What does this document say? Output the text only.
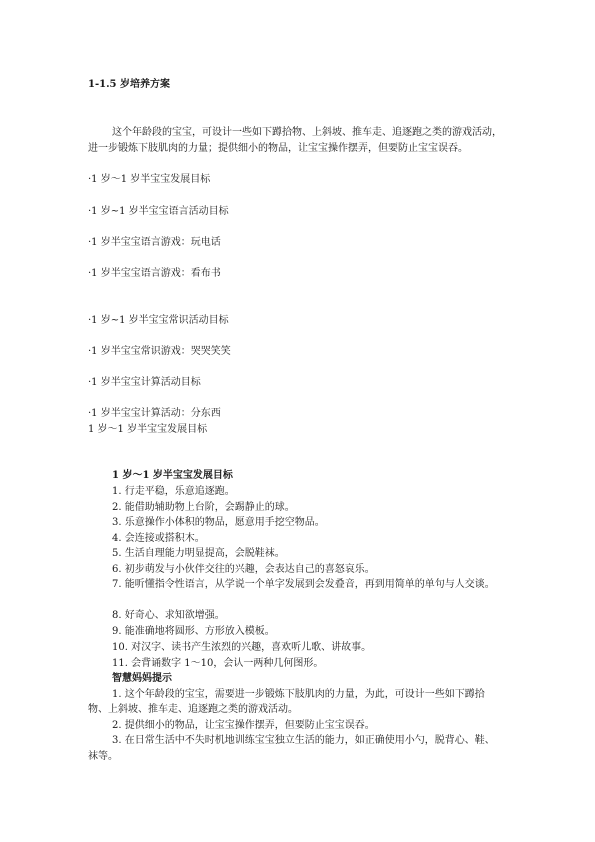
1-1.5 岁培养方案
这个年龄段的宝宝，可设计一些如下蹲拾物、上斜坡、推车走、追逐跑之类的游戏活动，
进一步锻炼下肢肌肉的力量；提供细小的物品，让宝宝操作摆弄，但要防止宝宝误吞。
·1 岁〜1 岁半宝宝发展目标
·1 岁~1 岁半宝宝语言活动目标
·1 岁半宝宝语言游戏：玩电话
·1 岁半宝宝语言游戏：看布书
·1 岁~1 岁半宝宝常识活动目标
·1 岁半宝宝常识游戏：哭哭笑笑
·1 岁半宝宝计算活动目标
·1 岁半宝宝计算活动：分东西
1 岁〜1 岁半宝宝发展目标
1 岁〜1 岁半宝宝发展目标
1. 行走平稳，乐意追逐跑。
2. 能借助辅助物上台阶，会踢静止的球。
3. 乐意操作小体积的物品，愿意用手挖空物品。
4. 会连接或搭积木。
5. 生活自理能力明显提高，会脱鞋袜。
6. 初步萌发与小伙伴交往的兴趣，会表达自己的喜怒哀乐。
7. 能听懂指令性语言，从学说一个单字发展到会发叠音，再到用简单的单句与人交谈。
8. 好奇心、求知欲增强。
9. 能准确地将圆形、方形放入模板。
10. 对汉字、读书产生浓烈的兴趣，喜欢听儿歌、讲故事。
11. 会背诵数字 1〜10，会认一两种几何图形。
智慧妈妈提示
1. 这个年龄段的宝宝，需要进一步锻炼下肢肌肉的力量，为此，可设计一些如下蹲拾
物、上斜坡、推车走、追逐跑之类的游戏活动。
2. 提供细小的物品，让宝宝操作摆弄，但要防止宝宝误吞。
3. 在日常生活中不失时机地训练宝宝独立生活的能力，如正确使用小勺，脱背心、鞋、
袜等。
